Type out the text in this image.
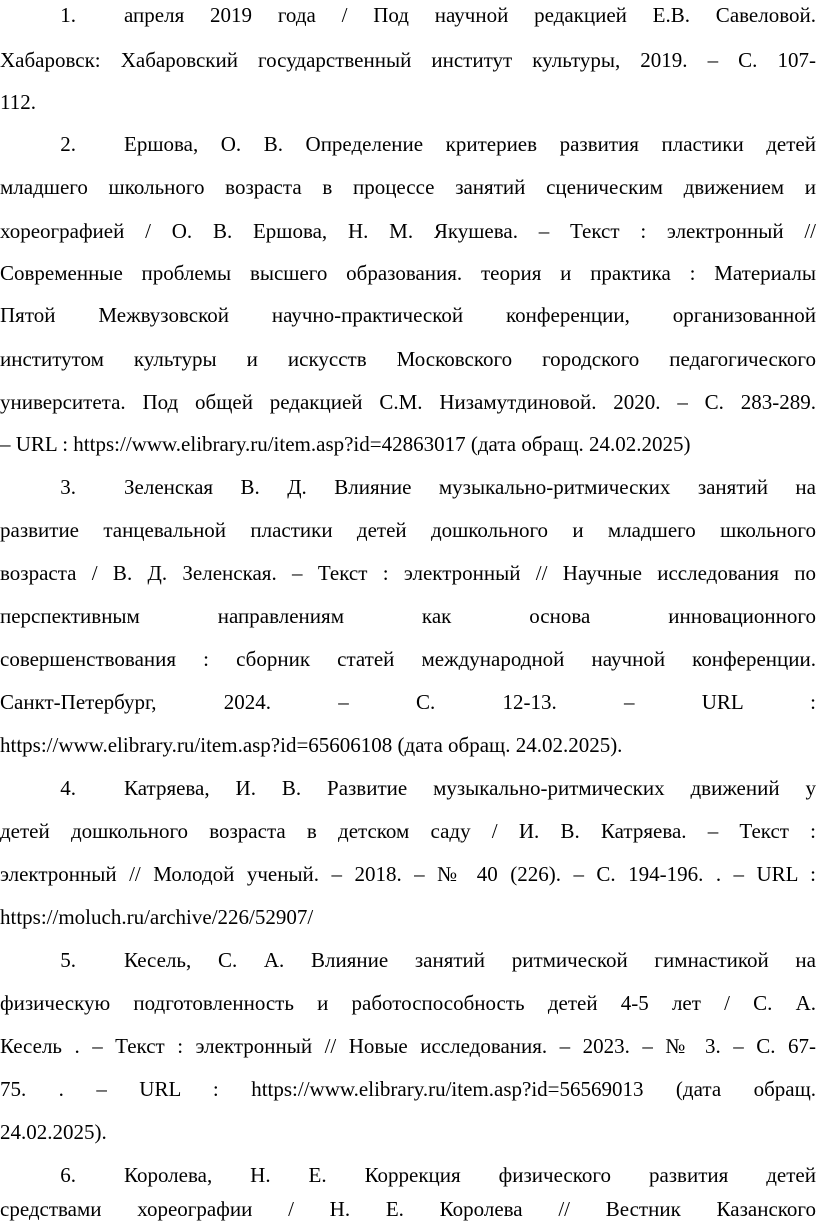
1. апреля 2019 года / Под научной редакцией Е.В. Савеловой.
Хабаровск: Хабаровский государственный институт культуры, 2019. – С. 107-
112.
2. Ершова, О. В. Определение критериев развития пластики детей
младшего школьного возраста в процессе занятий сценическим движением и
хореографией / О. В. Ершова, Н. М. Якушева. – Текст : электронный //
Современные проблемы высшего образования. теория и практика : Материалы
Пятой Межвузовской научно-практической конференции, организованной
институтом культуры и искусств Московского городского педагогического
университета. Под общей редакцией С.М. Низамутдиновой. 2020. – С. 283-289.
– URL : https://www.elibrary.ru/item.asp?id=42863017 (дата обращ. 24.02.2025)
3. Зеленская В. Д. Влияние музыкально-ритмических занятий на
развитие танцевальной пластики детей дошкольного и младшего школьного
возраста / В. Д. Зеленская. – Текст : электронный // Научные исследования по
перспективным направлениям как основа инновационного
совершенствования : сборник статей международной научной конференции.
Санкт-Петербург, 2024. – С. 12-13. – URL :
https://www.elibrary.ru/item.asp?id=65606108 (дата обращ. 24.02.2025).
4. Катряева, И. В. Развитие музыкально-ритмических движений у
детей дошкольного возраста в детском саду / И. В. Катряева. – Текст :
электронный // Молодой ученый. – 2018. – № 40 (226). – С. 194-196. . – URL :
https://moluch.ru/archive/226/52907/
5. Кесель, С. А. Влияние занятий ритмической гимнастикой на
физическую подготовленность и работоспособность детей 4-5 лет / С. А.
Кесель . – Текст : электронный // Новые исследования. – 2023. – № 3. – С. 67-
75. . – URL : https://www.elibrary.ru/item.asp?id=56569013 (дата обращ.
24.02.2025).
6. Королева, Н. Е. Коррекция физического развития детей
средствами хореографии / Н. Е. Королева // Вестник Казанского
